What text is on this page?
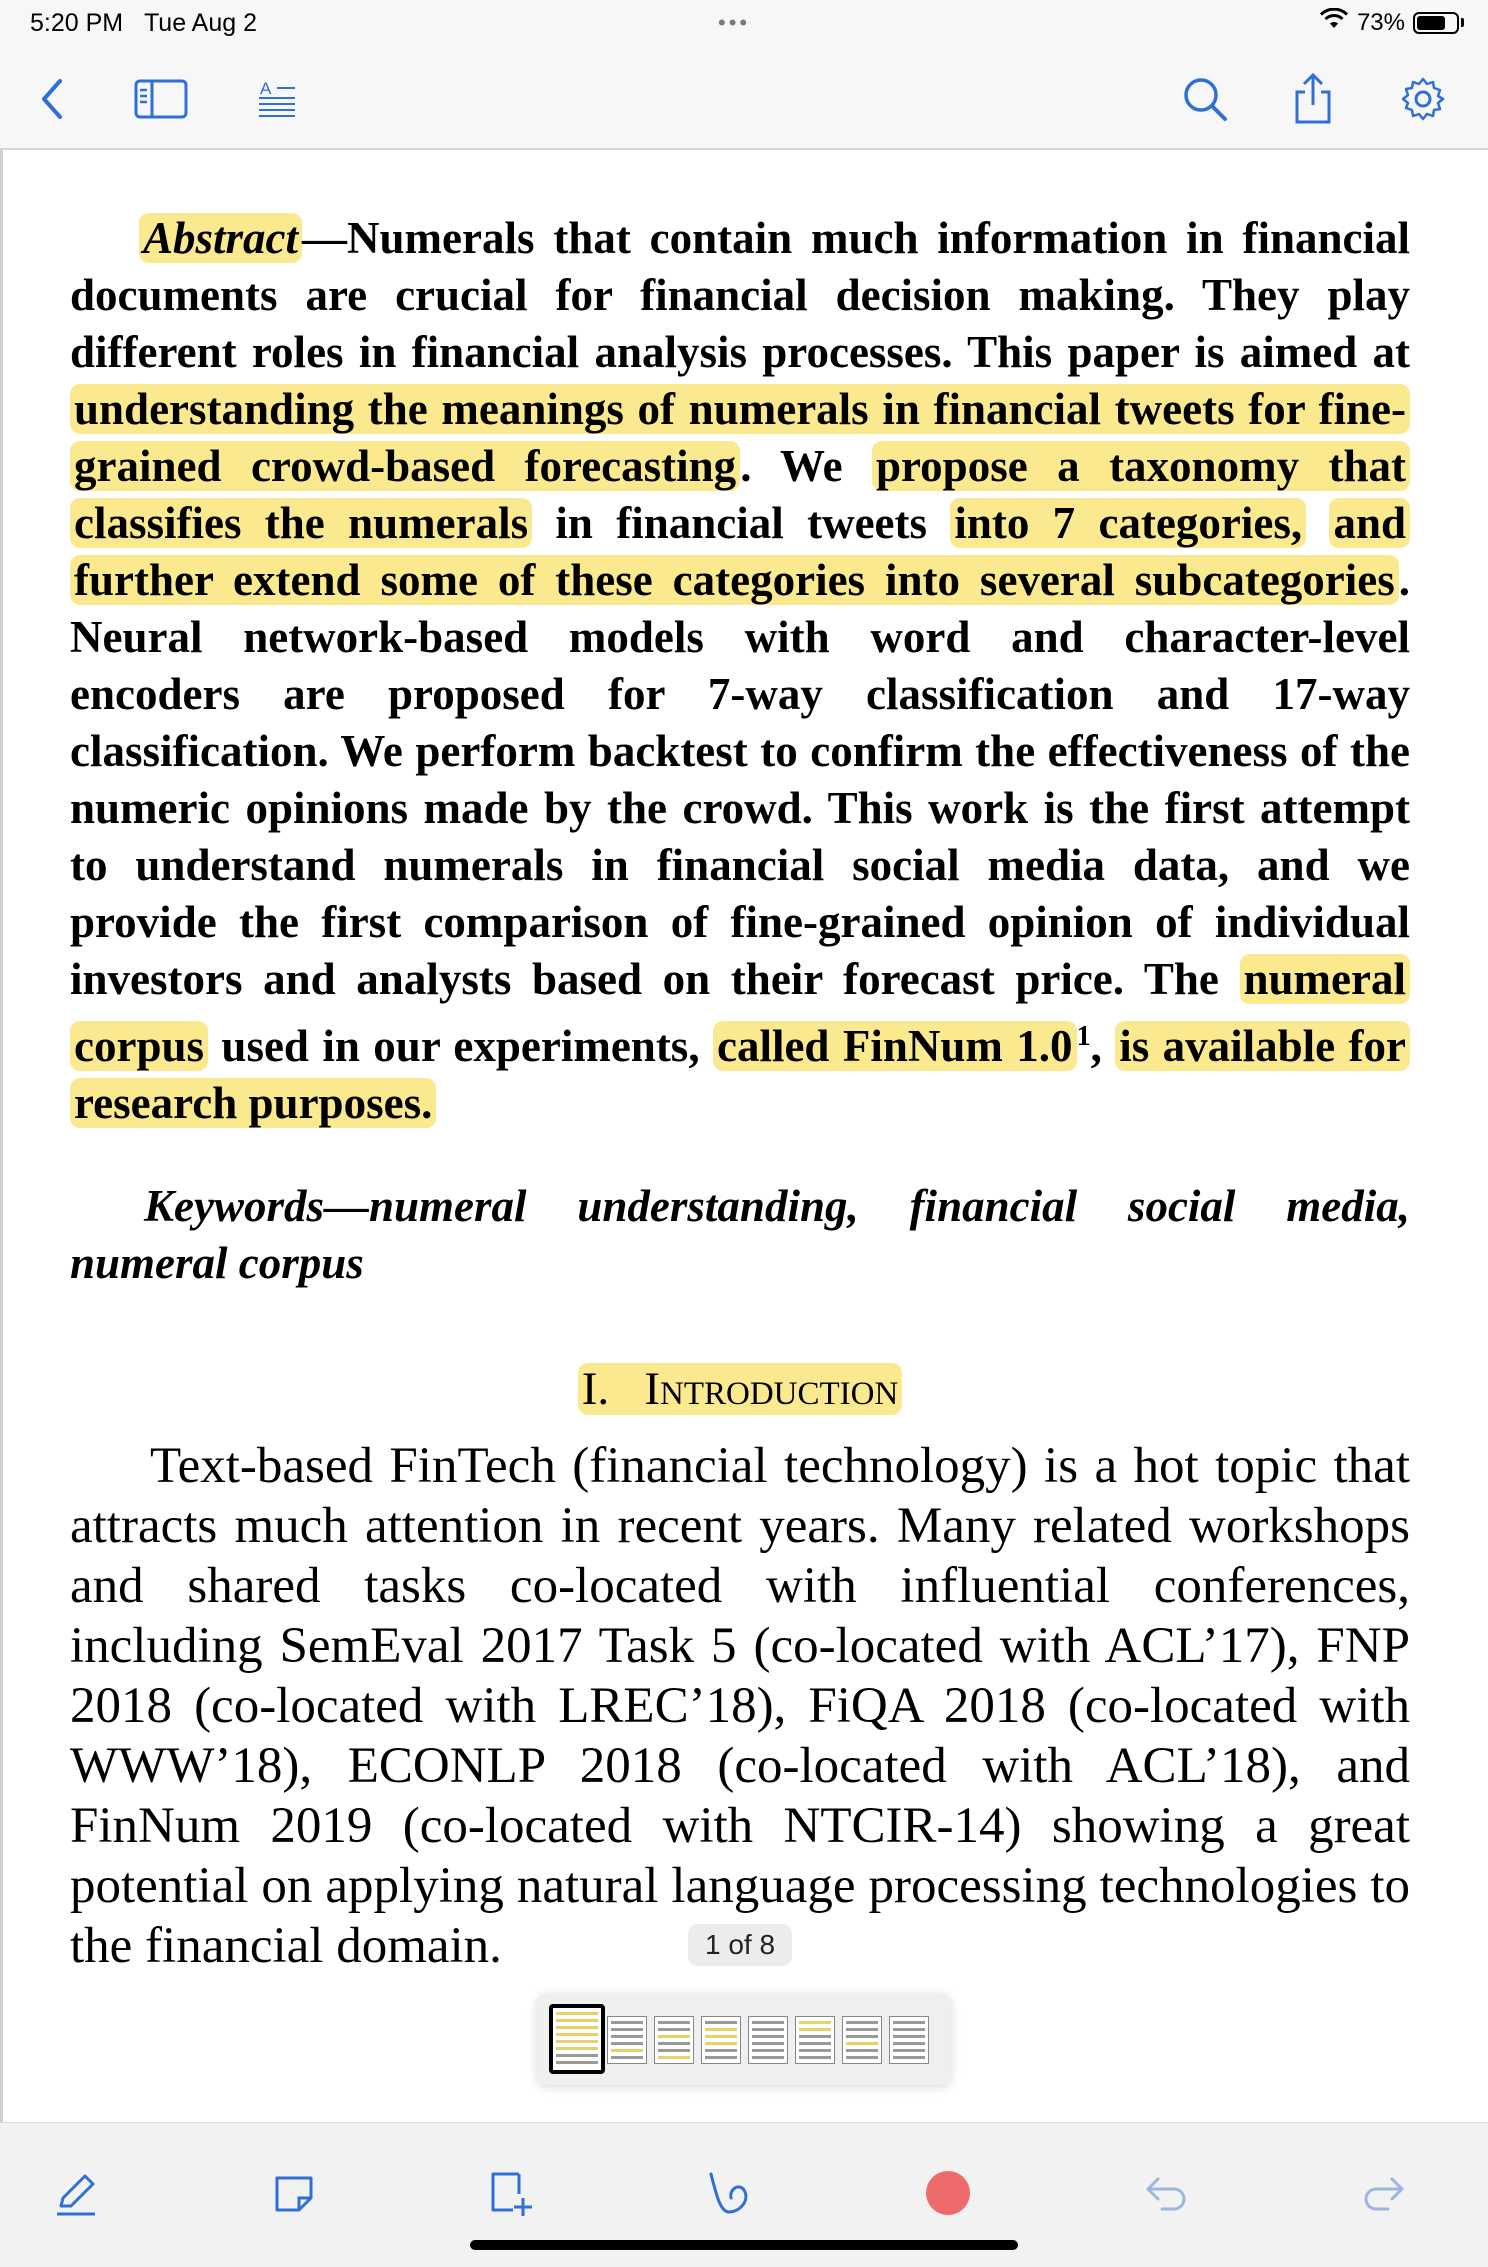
5:20 PM Tue Aug 2	•••	73%
A

Abstract—Numerals that contain much information in financial documents are crucial for financial decision making. They play different roles in financial analysis processes. This paper is aimed at understanding the meanings of numerals in financial tweets for fine-grained crowd-based forecasting. We propose a taxonomy that classifies the numerals in financial tweets into 7 categories, and further extend some of these categories into several subcategories. Neural network-based models with word and character-level encoders are proposed for 7-way classification and 17-way classification. We perform backtest to confirm the effectiveness of the numeric opinions made by the crowd. This work is the first attempt to understand numerals in financial social media data, and we provide the first comparison of fine-grained opinion of individual investors and analysts based on their forecast price. The numeral corpus used in our experiments, called FinNum 1.0 $^1$, is available for research purposes.

Keywords—numeral understanding, financial social media, numeral corpus

I. Introduction

Text-based FinTech (financial technology) is a hot topic that attracts much attention in recent years. Many related workshops and shared tasks co-located with influential conferences, including SemEval 2017 Task 5 (co-located with ACL’17), FNP 2018 (co-located with LREC’18), FiQA 2018 (co-located with WWW’18), ECONLP 2018 (co-located with ACL’18), and FinNum 2019 (co-located with NTCIR-14) showing a great potential on applying natural language processing technologies to the financial domain.	1 of 8
